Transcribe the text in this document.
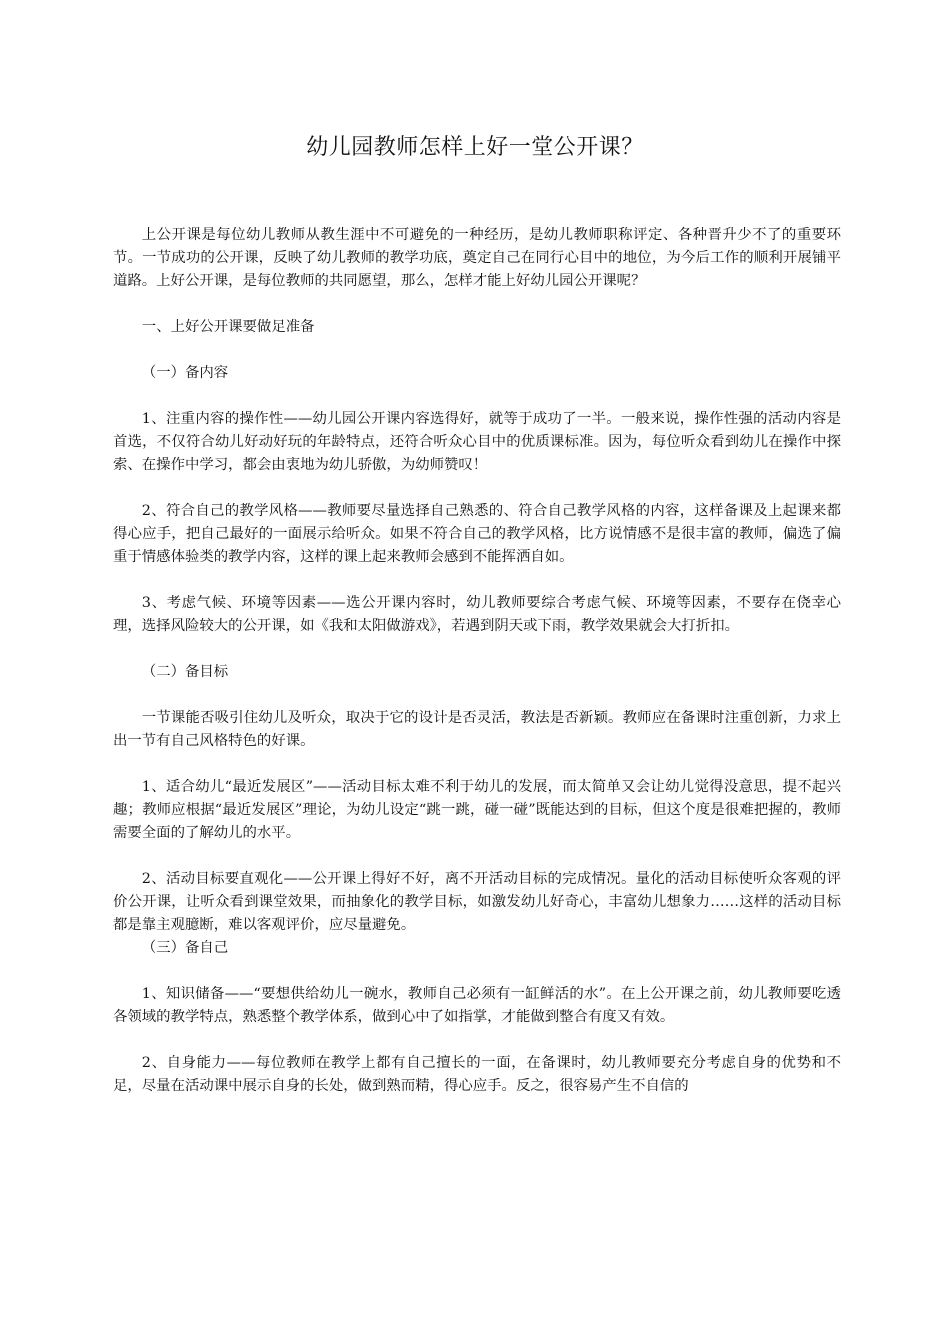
幼儿园教师怎样上好一堂公开课？

上公开课是每位幼儿教师从教生涯中不可避免的一种经历，是幼儿教师职称评定、各种晋升少不了的重要环节。一节成功的公开课，反映了幼儿教师的教学功底，奠定自己在同行心目中的地位，为今后工作的顺利开展铺平道路。上好公开课，是每位教师的共同愿望，那么，怎样才能上好幼儿园公开课呢？

一、上好公开课要做足准备

（一）备内容

1、注重内容的操作性——幼儿园公开课内容选得好，就等于成功了一半。一般来说，操作性强的活动内容是首选，不仅符合幼儿好动好玩的年龄特点，还符合听众心目中的优质课标准。因为，每位听众看到幼儿在操作中探索、在操作中学习，都会由衷地为幼儿骄傲，为幼师赞叹！

2、符合自己的教学风格——教师要尽量选择自己熟悉的、符合自己教学风格的内容，这样备课及上起课来都得心应手，把自己最好的一面展示给听众。如果不符合自己的教学风格，比方说情感不是很丰富的教师，偏选了偏重于情感体验类的教学内容，这样的课上起来教师会感到不能挥洒自如。

3、考虑气候、环境等因素——选公开课内容时，幼儿教师要综合考虑气候、环境等因素，不要存在侥幸心理，选择风险较大的公开课，如《我和太阳做游戏》，若遇到阴天或下雨，教学效果就会大打折扣。

（二）备目标

一节课能否吸引住幼儿及听众，取决于它的设计是否灵活，教法是否新颖。教师应在备课时注重创新，力求上出一节有自己风格特色的好课。

1、适合幼儿“最近发展区”——活动目标太难不利于幼儿的发展，而太简单又会让幼儿觉得没意思，提不起兴趣；教师应根据“最近发展区”理论，为幼儿设定“跳一跳，碰一碰”既能达到的目标，但这个度是很难把握的，教师需要全面的了解幼儿的水平。

2、活动目标要直观化——公开课上得好不好，离不开活动目标的完成情况。量化的活动目标使听众客观的评价公开课，让听众看到课堂效果，而抽象化的教学目标，如激发幼儿好奇心，丰富幼儿想象力……这样的活动目标都是靠主观臆断，难以客观评价，应尽量避免。

（三）备自己

1、知识储备——“要想供给幼儿一碗水，教师自己必须有一缸鲜活的水”。在上公开课之前，幼儿教师要吃透各领域的教学特点，熟悉整个教学体系，做到心中了如指掌，才能做到整合有度又有效。

2、自身能力——每位教师在教学上都有自己擅长的一面，在备课时，幼儿教师要充分考虑自身的优势和不足，尽量在活动课中展示自身的长处，做到熟而精，得心应手。反之，很容易产生不自信的
